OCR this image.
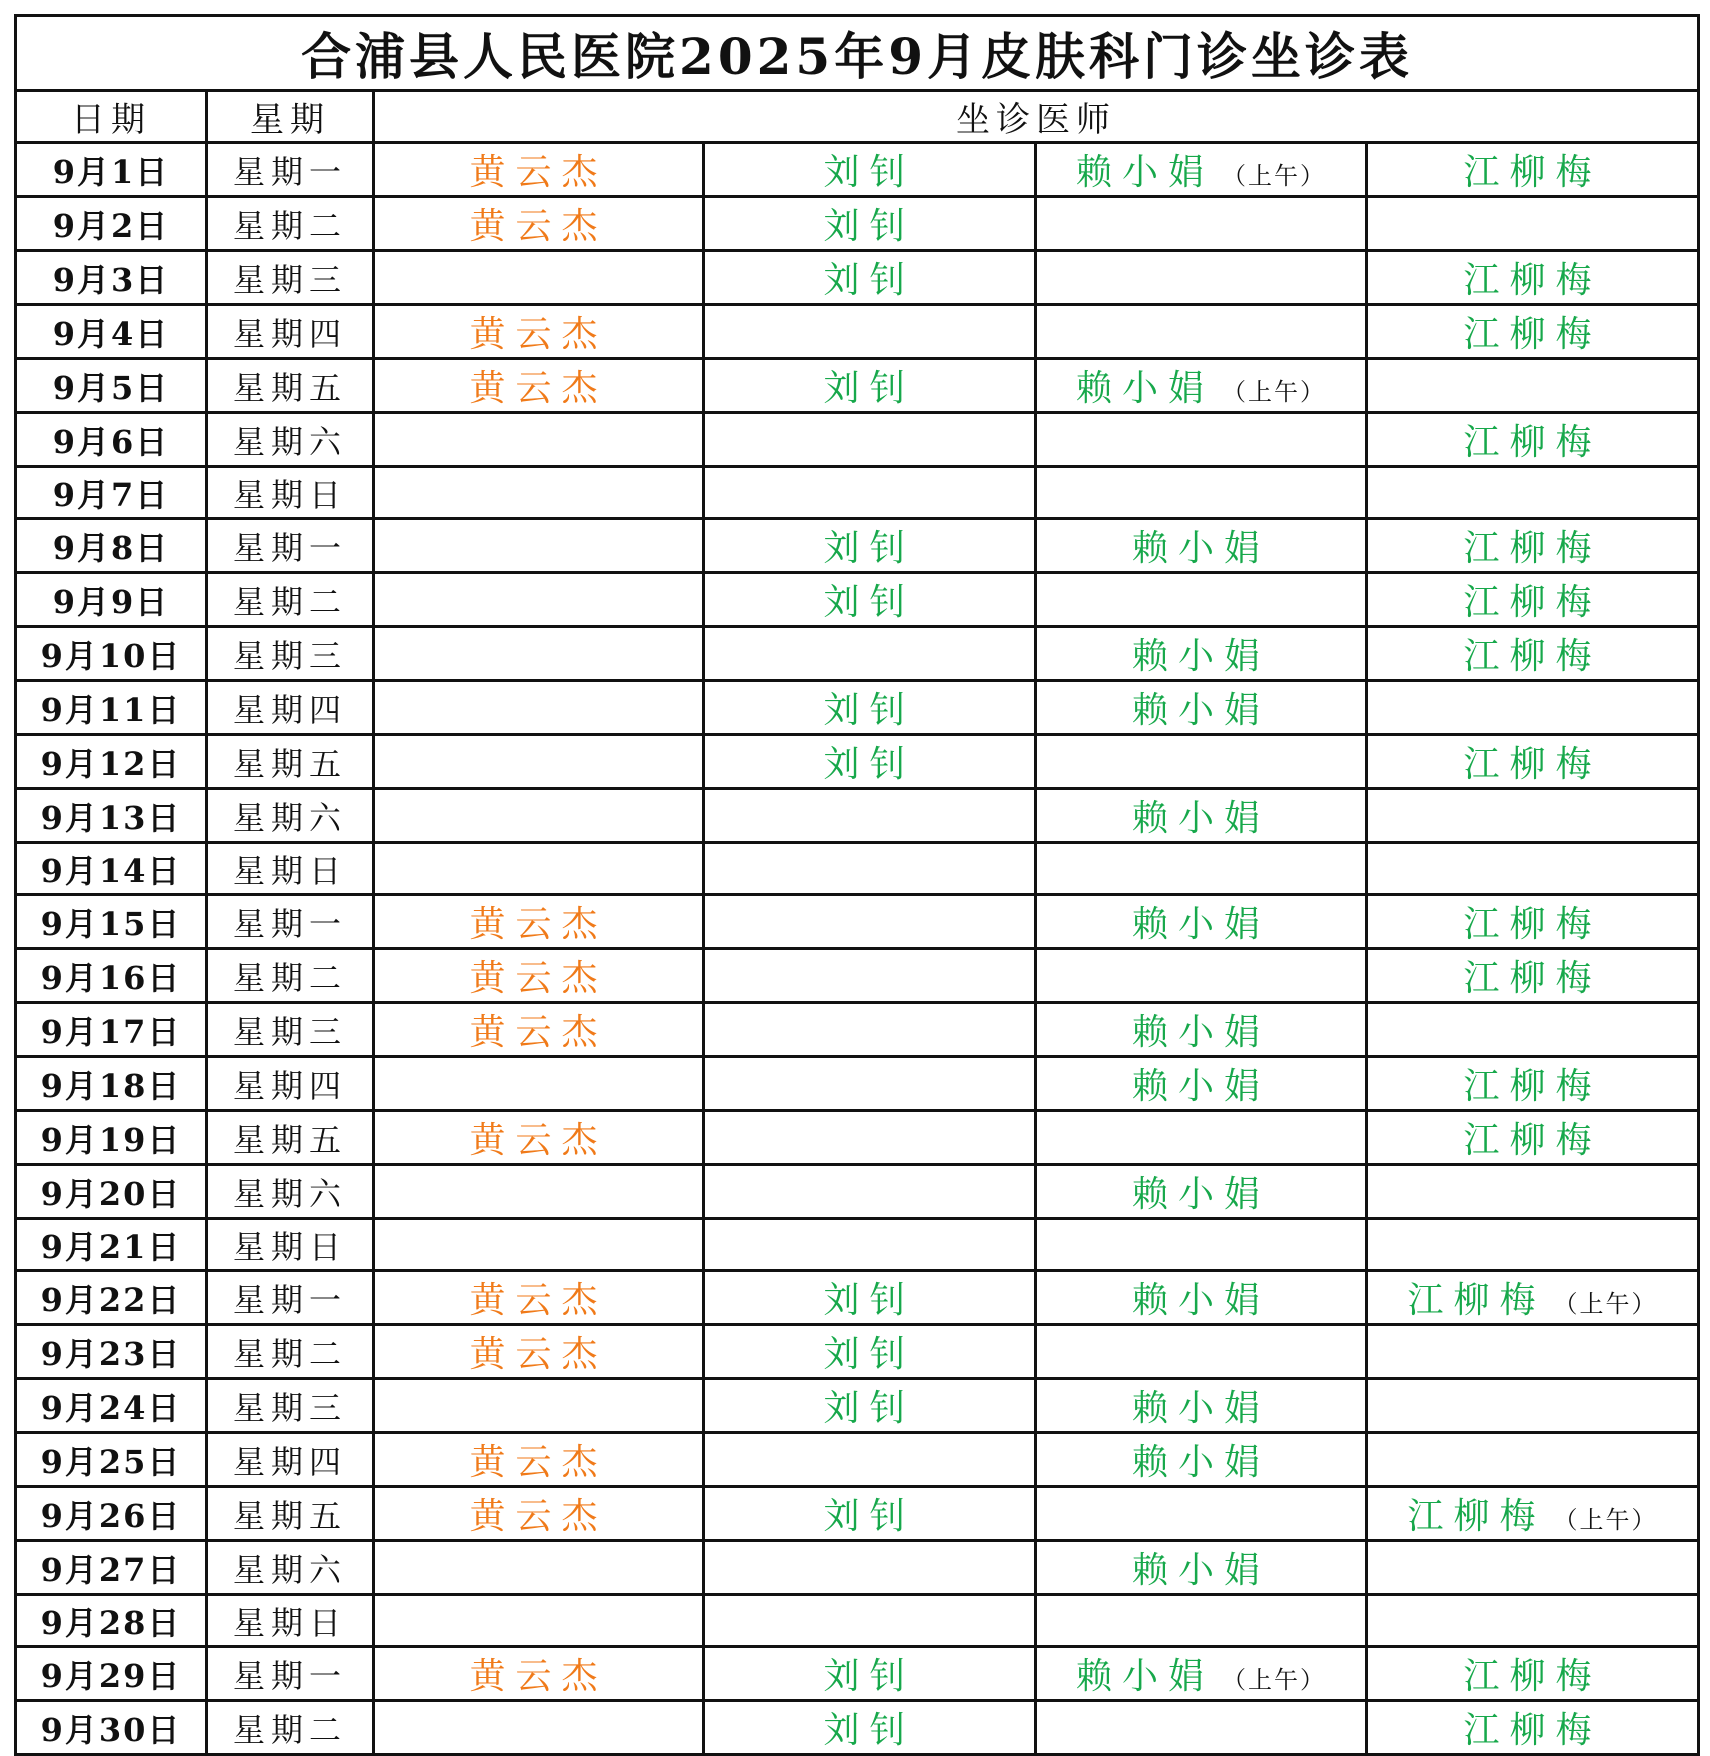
合浦县人民医院2025年9月皮肤科门诊坐诊表					
日期	星期	坐诊医师			
9月1日	星期一	黄云杰	刘钊	赖小娟 （上午）	江柳梅
9月2日	星期二	黄云杰	刘钊		
9月3日	星期三		刘钊		江柳梅
9月4日	星期四	黄云杰			江柳梅
9月5日	星期五	黄云杰	刘钊	赖小娟 （上午）	
9月6日	星期六				江柳梅
9月7日	星期日				
9月8日	星期一		刘钊	赖小娟	江柳梅
9月9日	星期二		刘钊		江柳梅
9月10日	星期三			赖小娟	江柳梅
9月11日	星期四		刘钊	赖小娟	
9月12日	星期五		刘钊		江柳梅
9月13日	星期六			赖小娟	
9月14日	星期日				
9月15日	星期一	黄云杰		赖小娟	江柳梅
9月16日	星期二	黄云杰			江柳梅
9月17日	星期三	黄云杰		赖小娟	
9月18日	星期四			赖小娟	江柳梅
9月19日	星期五	黄云杰			江柳梅
9月20日	星期六			赖小娟	
9月21日	星期日				
9月22日	星期一	黄云杰	刘钊	赖小娟	江柳梅 （上午）
9月23日	星期二	黄云杰	刘钊		
9月24日	星期三		刘钊	赖小娟	
9月25日	星期四	黄云杰		赖小娟	
9月26日	星期五	黄云杰	刘钊		江柳梅 （上午）
9月27日	星期六			赖小娟	
9月28日	星期日				
9月29日	星期一	黄云杰	刘钊	赖小娟 （上午）	江柳梅
9月30日	星期二		刘钊		江柳梅
